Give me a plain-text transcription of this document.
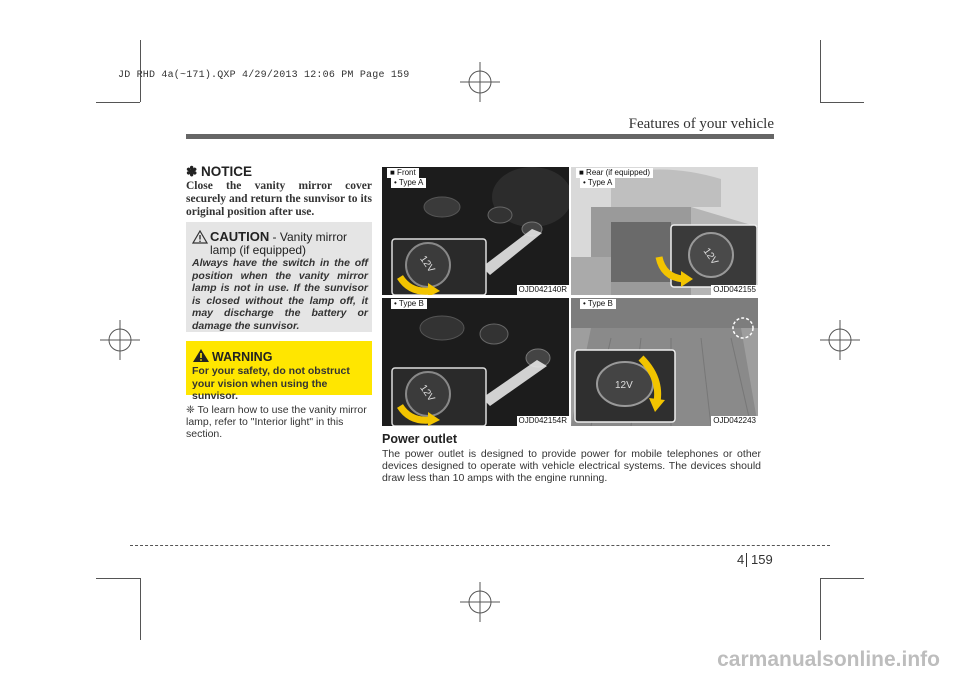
JD RHD 4a(~171).QXP 4/29/2013 12:06 PM Page 159
Features of your vehicle
✽ NOTICE
Close the vanity mirror cover securely and return the sunvisor to its original position after use.
CAUTION - Vanity mirror lamp (if equipped)
Always have the switch in the off position when the vanity mirror lamp is not in use. If the sunvisor is closed without the lamp off, it may discharge the battery or damage the sunvisor.
WARNING
For your safety, do not obstruct your vision when using the sunvisor.
❈ To learn how to use the vanity mirror lamp, refer to "Interior light" in this section.
12V
■ Front
• Type A
OJD042140R
12V
■ Rear (if equipped)
• Type A
OJD042155
12V
• Type B
OJD042154R
12V
• Type B
OJD042243
Power outlet
The power outlet is designed to provide power for mobile telephones or other devices designed to operate with vehicle electrical systems. The devices should draw less than 10 amps with the engine running.
4 159
carmanualsonline.info
